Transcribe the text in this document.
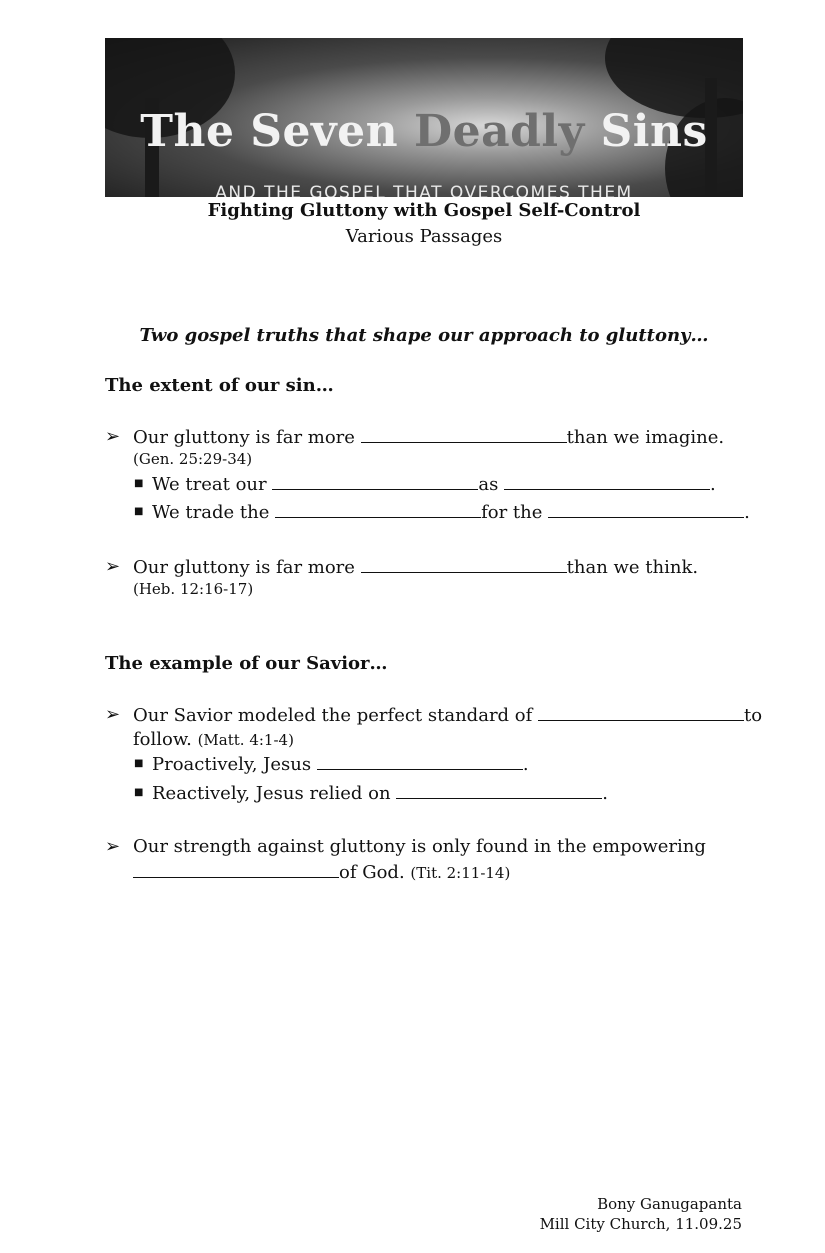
The Seven Deadly Sins
AND THE GOSPEL THAT OVERCOMES THEM
Fighting Gluttony with Gospel Self-Control
Various Passages
Two gospel truths that shape our approach to gluttony…
The extent of our sin…
➢ Our gluttony is far more	than we imagine.
(Gen. 25:29-34)
■ We treat our	as	.
■ We trade the	for the	.
➢ Our gluttony is far more	than we think.
(Heb. 12:16-17)
The example of our Savior…
➢ Our Savior modeled the perfect standard of	to
follow. (Matt. 4:1-4)
■ Proactively, Jesus	.
■ Reactively, Jesus relied on	.
➢ Our strength against gluttony is only found in the empowering
of God. (Tit. 2:11-14)
Bony Ganugapanta
Mill City Church, 11.09.25
